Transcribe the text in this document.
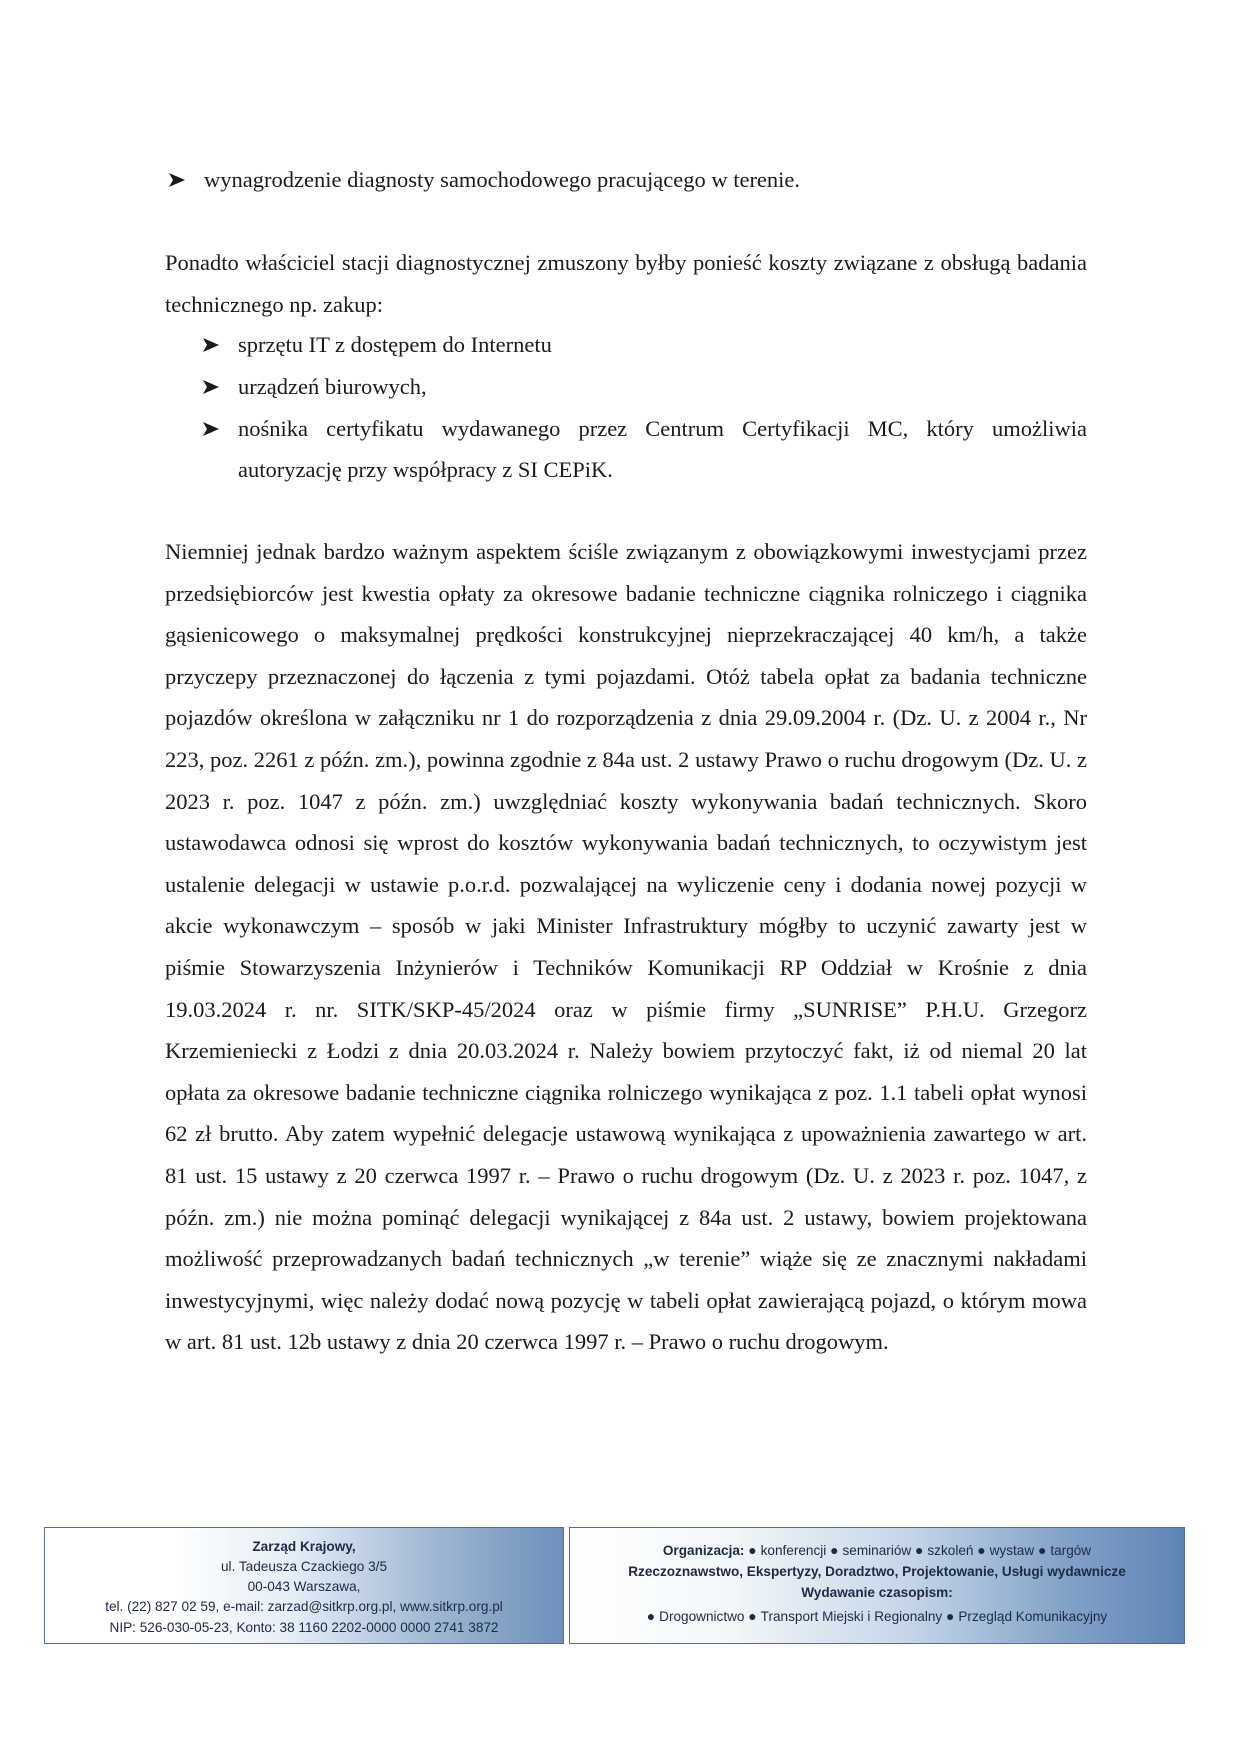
wynagrodzenie diagnosty samochodowego pracującego w terenie.
Ponadto właściciel stacji diagnostycznej zmuszony byłby ponieść koszty związane z obsługą badania technicznego np. zakup:
sprzętu IT z dostępem do Internetu
urządzeń biurowych,
nośnika certyfikatu wydawanego przez Centrum Certyfikacji MC, który umożliwia autoryzację przy współpracy z SI CEPiK.
Niemniej jednak bardzo ważnym aspektem ściśle związanym z obowiązkowymi inwestycjami przez przedsiębiorców jest kwestia opłaty za okresowe badanie techniczne ciągnika rolniczego i ciągnika gąsienicowego o maksymalnej prędkości konstrukcyjnej nieprzekraczającej 40 km/h, a także przyczepy przeznaczonej do łączenia z tymi pojazdami. Otóż tabela opłat za badania techniczne pojazdów określona w załączniku nr 1 do rozporządzenia z dnia 29.09.2004 r. (Dz. U. z 2004 r., Nr 223, poz. 2261 z późn. zm.), powinna zgodnie z 84a ust. 2 ustawy Prawo o ruchu drogowym (Dz. U. z 2023 r. poz. 1047 z późn. zm.) uwzględniać koszty wykonywania badań technicznych. Skoro ustawodawca odnosi się wprost do kosztów wykonywania badań technicznych, to oczywistym jest ustalenie delegacji w ustawie p.o.r.d. pozwalającej na wyliczenie ceny i dodania nowej pozycji w akcie wykonawczym – sposób w jaki Minister Infrastruktury mógłby to uczynić zawarty jest w piśmie Stowarzyszenia Inżynierów i Techników Komunikacji RP Oddział w Krośnie z dnia 19.03.2024 r. nr. SITK/SKP-45/2024 oraz w piśmie firmy „SUNRISE” P.H.U. Grzegorz Krzemieniecki z Łodzi z dnia 20.03.2024 r. Należy bowiem przytoczyć fakt, iż od niemal 20 lat opłata za okresowe badanie techniczne ciągnika rolniczego wynikająca z poz. 1.1 tabeli opłat wynosi 62 zł brutto. Aby zatem wypełnić delegacje ustawową wynikająca z upoważnienia zawartego w art. 81 ust. 15 ustawy z 20 czerwca 1997 r. – Prawo o ruchu drogowym (Dz. U. z 2023 r. poz. 1047, z późn. zm.) nie można pominąć delegacji wynikającej z 84a ust. 2 ustawy, bowiem projektowana możliwość przeprowadzanych badań technicznych „w terenie” wiąże się ze znacznymi nakładami inwestycyjnymi, więc należy dodać nową pozycję w tabeli opłat zawierającą pojazd, o którym mowa w art. 81 ust. 12b ustawy z dnia 20 czerwca 1997 r. – Prawo o ruchu drogowym.
Zarząd Krajowy,
ul. Tadeusza Czackiego 3/5
00-043 Warszawa,
tel. (22) 827 02 59, e-mail: zarzad@sitkrp.org.pl, www.sitkrp.org.pl
NIP: 526-030-05-23, Konto: 38 1160 2202-0000 0000 2741 3872
Organizacja: ● konferencji ● seminariów ● szkoleń ● wystaw ● targów
Rzeczoznawstwo, Ekspertyzy, Doradztwo, Projektowanie, Usługi wydawnicze
Wydawanie czasopism:
● Drogownictwo ● Transport Miejski i Regionalny ● Przegląd Komunikacyjny
